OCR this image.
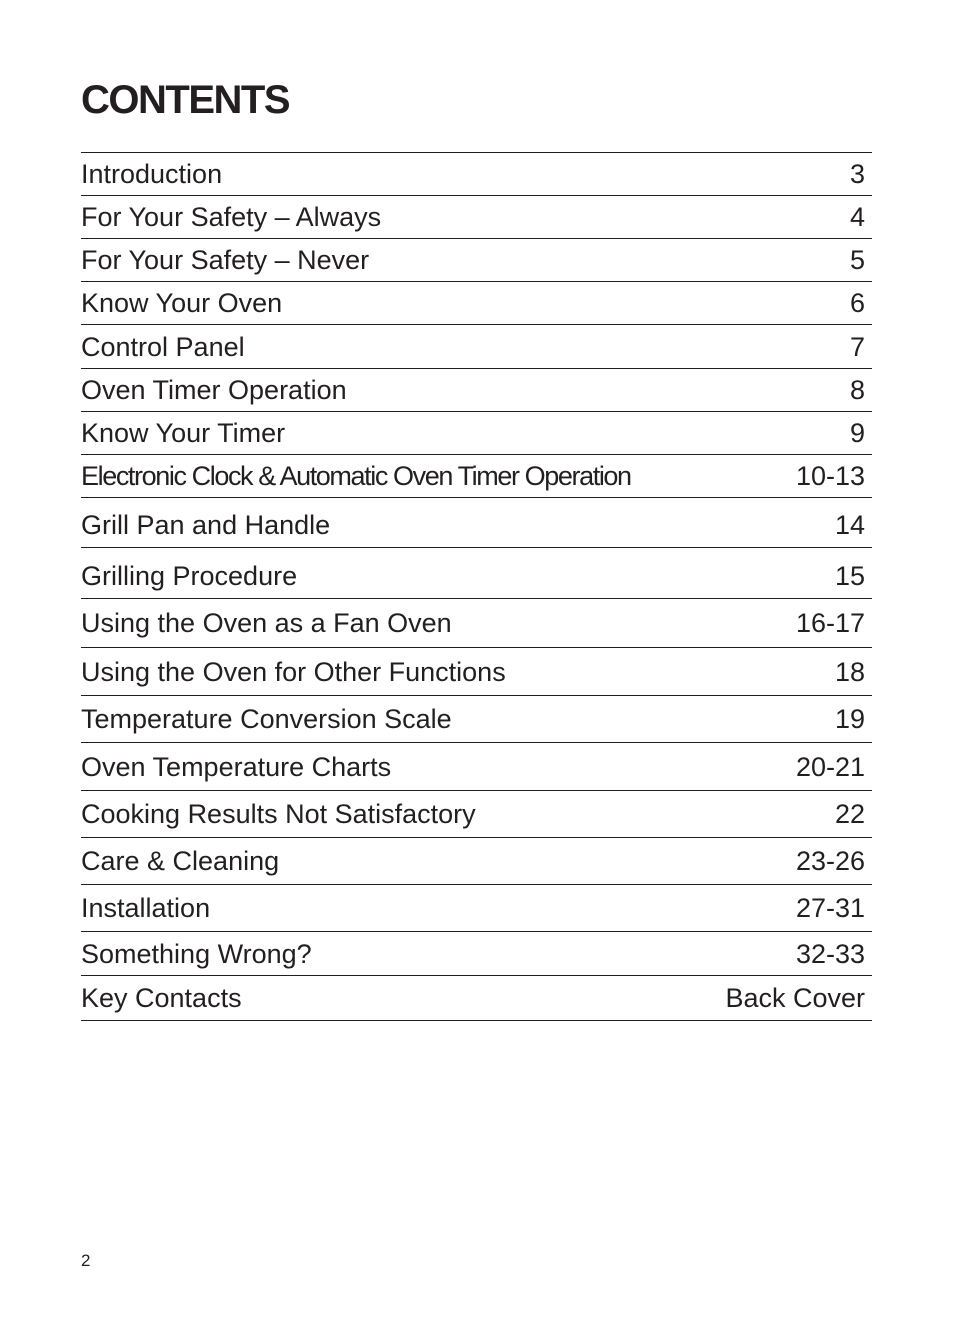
CONTENTS
Introduction	3
For Your Safety – Always	4
For Your Safety – Never	5
Know Your Oven	6
Control Panel	7
Oven Timer Operation	8
Know Your Timer	9
Electronic Clock & Automatic Oven Timer Operation	10-13
Grill Pan and Handle	14
Grilling Procedure	15
Using the Oven as a Fan Oven	16-17
Using the Oven for Other Functions	18
Temperature Conversion Scale	19
Oven Temperature Charts	20-21
Cooking Results Not Satisfactory	22
Care & Cleaning	23-26
Installation	27-31
Something Wrong?	32-33
Key Contacts	Back Cover
2
